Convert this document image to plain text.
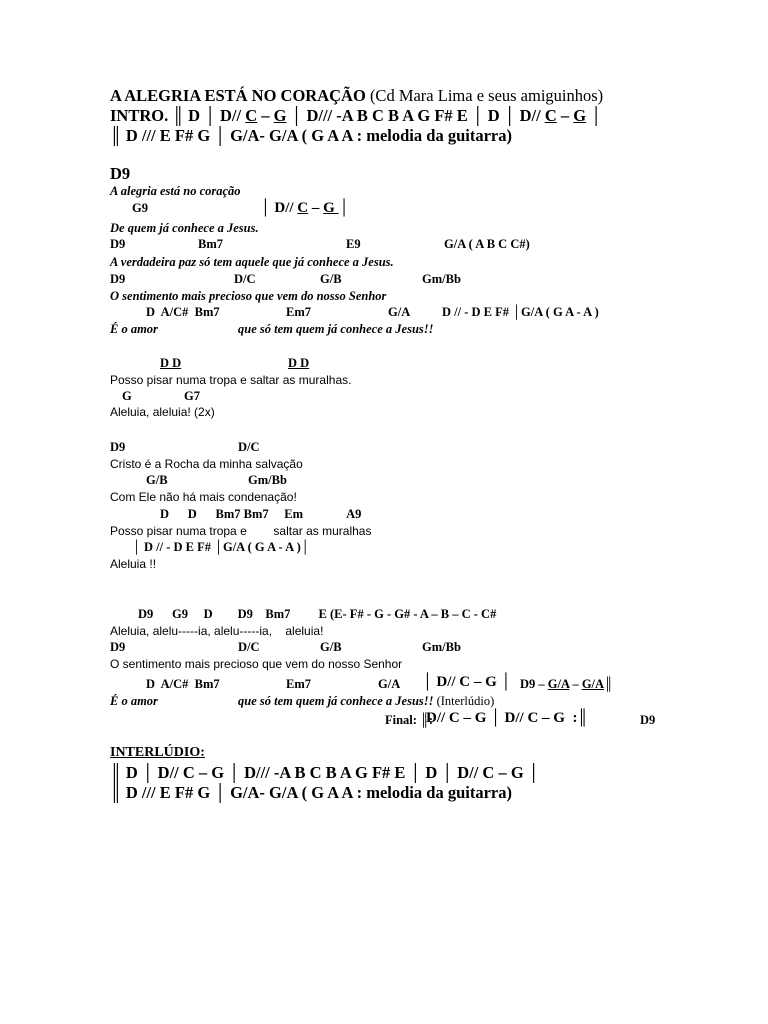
A ALEGRIA ESTÁ NO CORAÇÃO (Cd Mara Lima e seus amiguinhos)
INTRO. ║ D │ D// C – G │ D/// -A B C B A G F# E │ D │ D// C – G │
║ D /// E F# G │ G/A- G/A ( G A A : melodia da guitarra)
D9
A alegria está no coração
G9	│ D// C – G │
De quem já conhece a Jesus.
D9	Bm7	E9	G/A ( A B C C#)
A verdadeira paz só tem aquele que já conhece a Jesus.
D9	D/C	G/B	Gm/Bb
O sentimento mais precioso que vem do nosso Senhor
D  A/C#  Bm7	Em7	G/A	D // - D E F# │G/A ( G A - A )
É o amor	que só tem quem já conhece a Jesus!!
D D	D D
Posso pisar numa tropa e saltar as muralhas.
G	G7
Aleluia, aleluia! (2x)
D9	D/C
Cristo é a Rocha da minha salvação
G/B	Gm/Bb
Com Ele não há mais condenação!
D      D      Bm7 Bm7     Em              A9
Posso pisar numa tropa e        saltar as muralhas
│ D // - D E F# │G/A ( G A - A )│
Aleluia !!
D9      G9     D        D9    Bm7         E (E- F# - G - G# - A – B – C - C#
Aleluia, alelu-----ia, alelu-----ia,    aleluia!
D9	D/C	G/B	Gm/Bb
O sentimento mais precioso que vem do nosso Senhor
D  A/C#  Bm7	Em7	G/A │ D// C – G │ D9 – G/A – G/A║
É o amor	que só tem quem já conhece a Jesus!! (Interlúdio)
Final: ║:
D// C – G │ D// C – G  :║	D9
INTERLÚDIO:
║ D │ D// C – G │ D/// -A B C B A G F# E │ D │ D// C – G │
║ D /// E F# G │ G/A- G/A ( G A A : melodia da guitarra)
